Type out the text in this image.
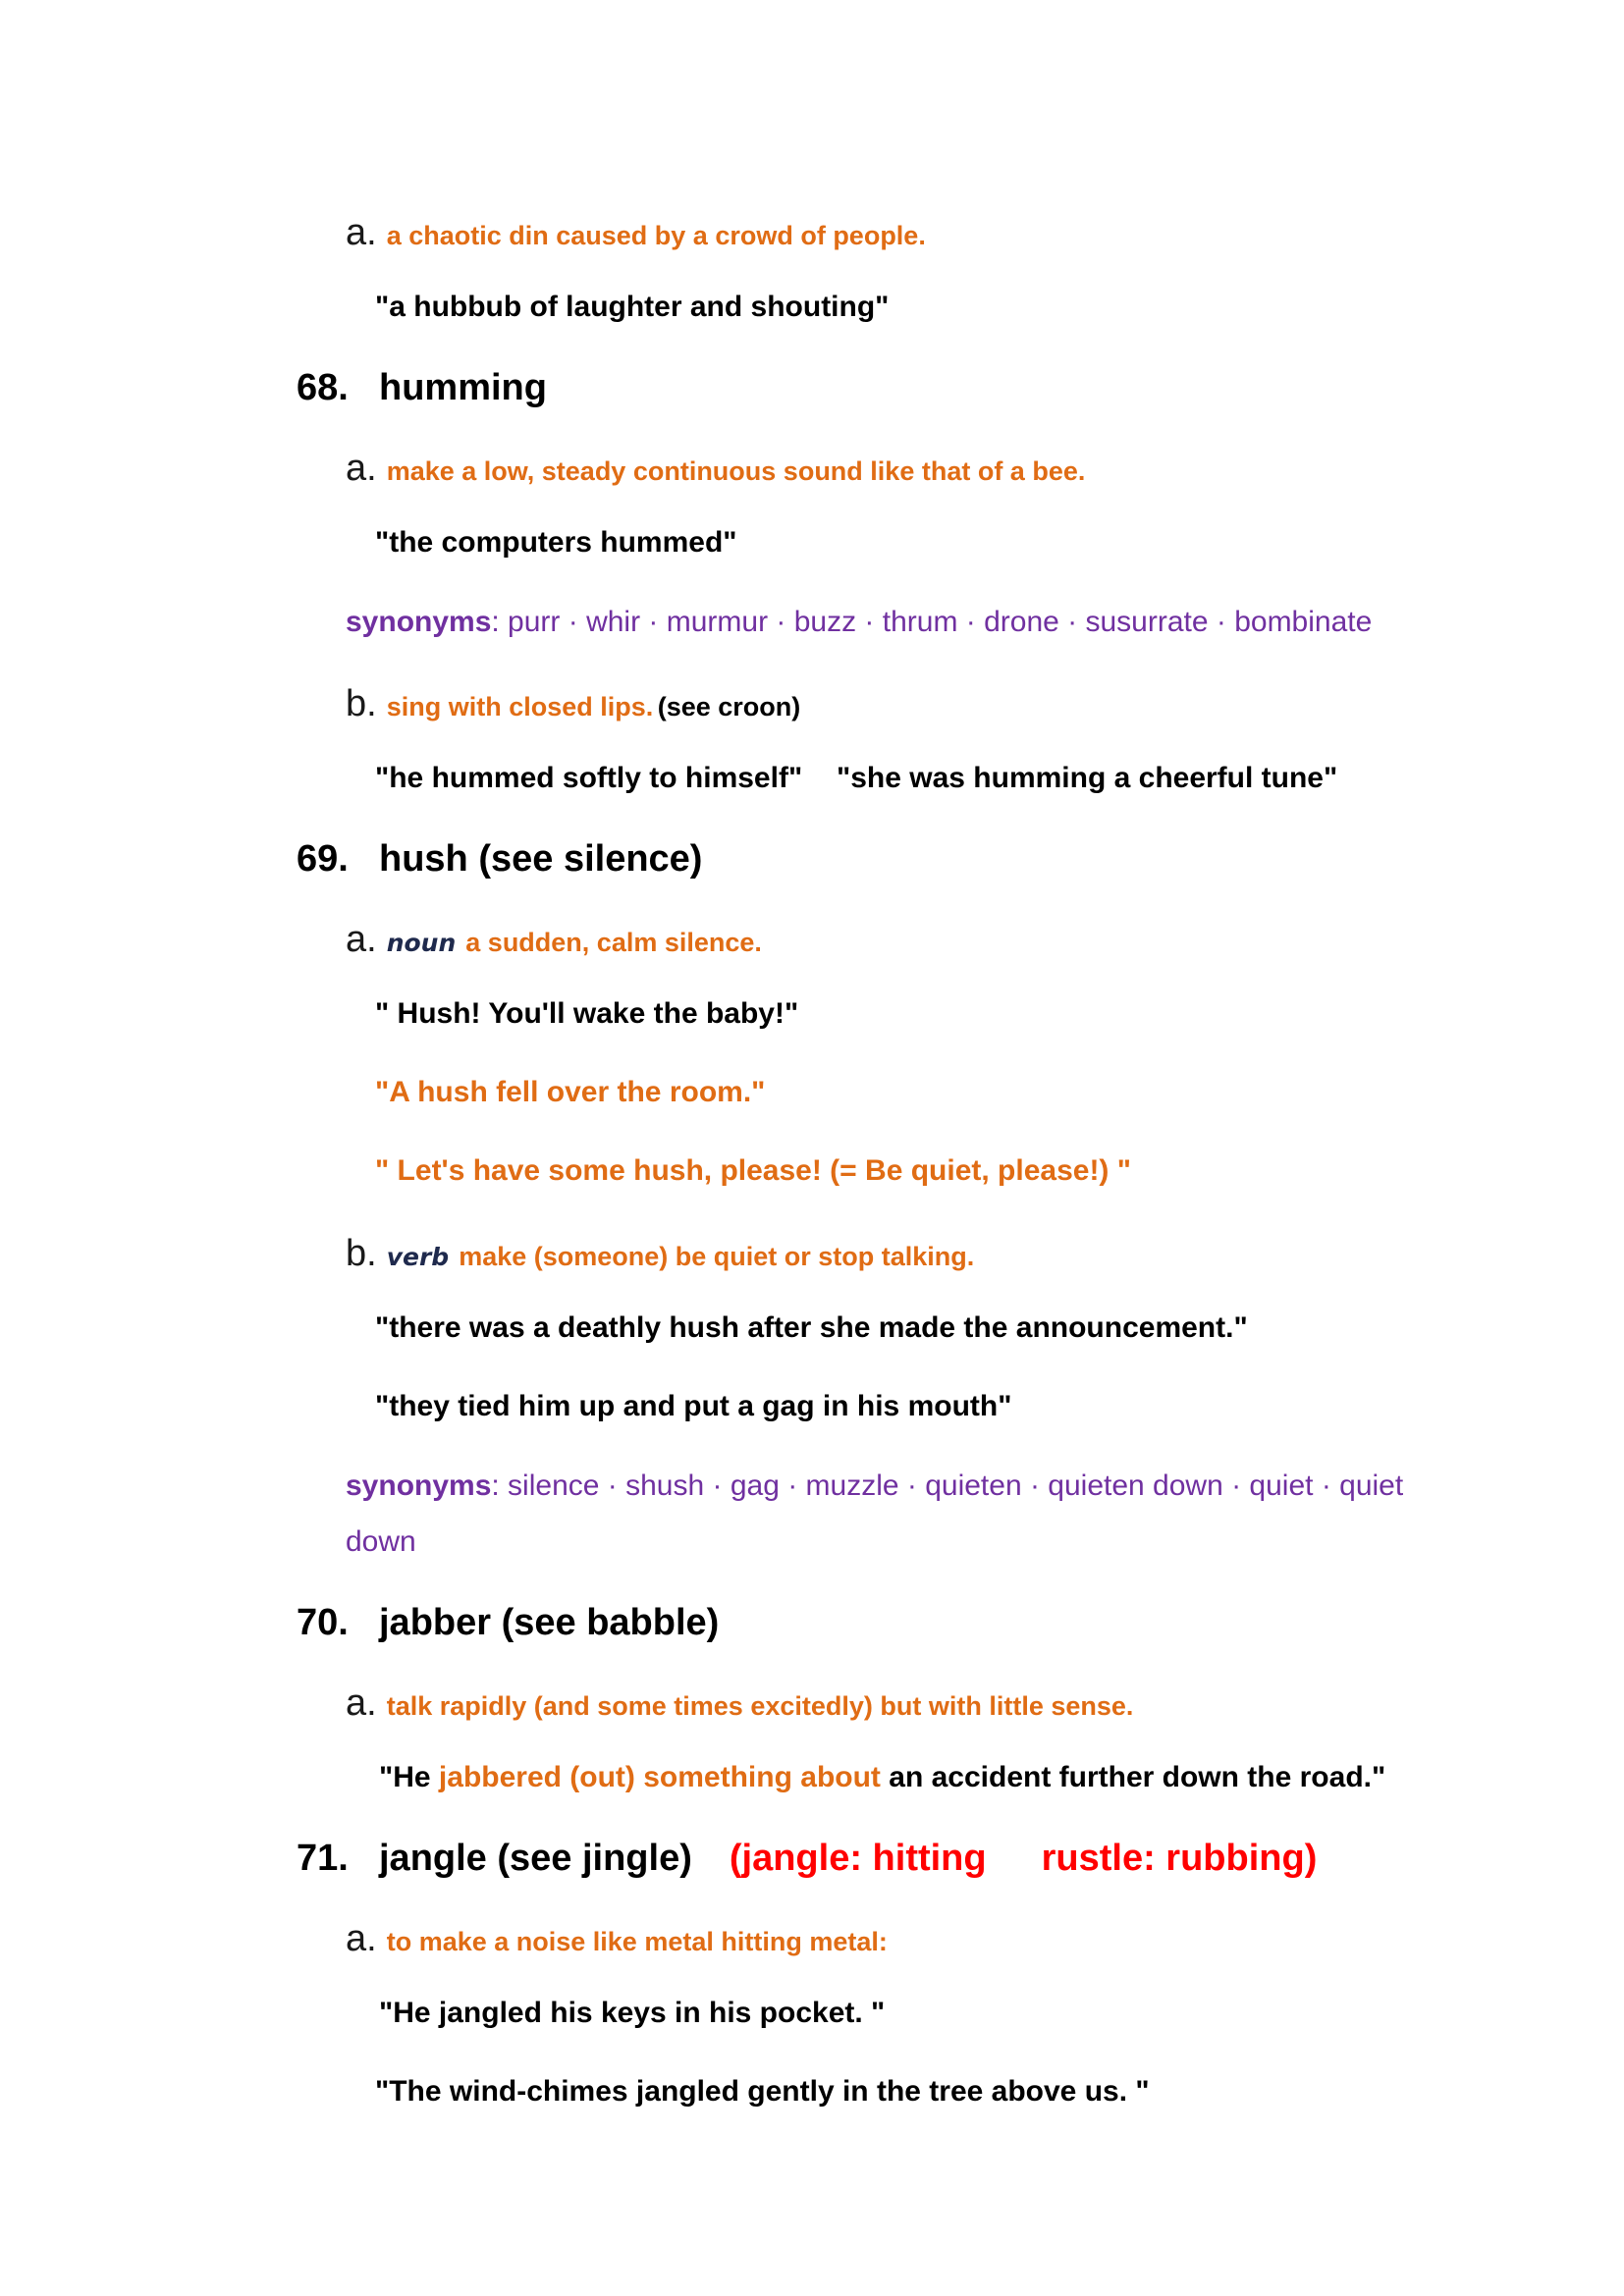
a. a chaotic din caused by a crowd of people.
"a hubbub of laughter and shouting"
68. humming
a. make a low, steady continuous sound like that of a bee.
"the computers hummed"
synonyms: purr · whir · murmur · buzz · thrum · drone · susurrate · bombinate
b. sing with closed lips. (see croon)
"he hummed softly to himself" "she was humming a cheerful tune"
69. hush (see silence)
a. noun a sudden, calm silence.
" Hush! You'll wake the baby!"
"A hush fell over the room."
" Let's have some hush, please! (= Be quiet, please!) "
b. verb make (someone) be quiet or stop talking.
"there was a deathly hush after she made the announcement."
"they tied him up and put a gag in his mouth"
synonyms: silence · shush · gag · muzzle · quieten · quieten down · quiet · quiet
down
70. jabber (see babble)
a. talk rapidly (and some times excitedly) but with little sense.
"He jabbered (out) something about an accident further down the road."
71. jangle (see jingle) (jangle: hitting rustle: rubbing)
a. to make a noise like metal hitting metal:
"He jangled his keys in his pocket. "
"The wind-chimes jangled gently in the tree above us. "
